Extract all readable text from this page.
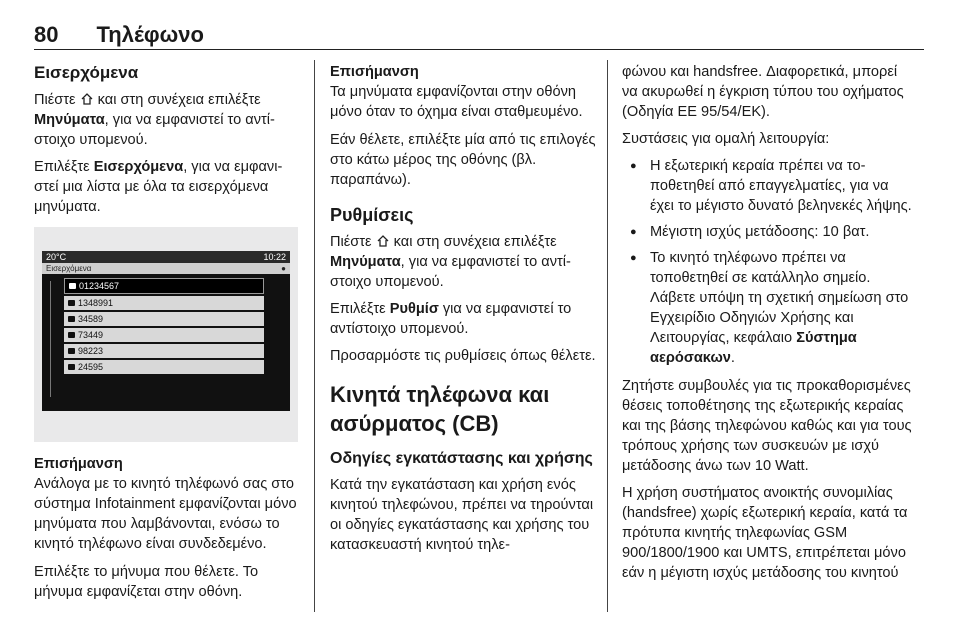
80 Τηλέφωνο
Εισερχόμενα

Πιέστε  και στη συνέχεια επιλέξτε Μηνύματα, για να εμφανιστεί το αντίστοιχο υπομενού.

Επιλέξτε Εισερχόμενα, για να εμφανιστεί μια λίστα με όλα τα εισερχόμενα μηνύματα.

20°C	10:22
Εισερχόμενα	●
01234567
1348991
34589
73449
98223
24595
Επισήμανση
Ανάλογα με το κινητό τηλέφωνό σας στο σύστημα Infotainment εμφανίζονται μόνο μηνύματα που λαμβάνονται, ενόσω το κινητό τηλέφωνο είναι συνδεδεμένο.

Επιλέξτε το μήνυμα που θέλετε. Το μήνυμα εμφανίζεται στην οθόνη.

Επισήμανση
Τα μηνύματα εμφανίζονται στην οθόνη μόνο όταν το όχημα είναι σταθμευμένο.

Εάν θέλετε, επιλέξτε μία από τις επιλογές στο κάτω μέρος της οθόνης (βλ. παραπάνω).

Ρυθμίσεις

Πιέστε  και στη συνέχεια επιλέξτε Μηνύματα, για να εμφανιστεί το αντίστοιχο υπομενού.

Επιλέξτε Ρυθμίσ για να εμφανιστεί το αντίστοιχο υπομενού.

Προσαρμόστε τις ρυθμίσεις όπως θέλετε.

Κινητά τηλέφωνα και ασύρματος (CB)
Οδηγίες εγκατάστασης και χρήσης

Κατά την εγκατάσταση και χρήση ενός κινητού τηλεφώνου, πρέπει να τηρούνται οι οδηγίες εγκατάστασης και χρήσης του κατασκευαστή κινητού τηλε-

φώνου και handsfree. Διαφορετικά, μπορεί να ακυρωθεί η έγκριση τύπου του οχήματος (Οδηγία ΕΕ 95/54/ΕΚ).

Συστάσεις για ομαλή λειτουργία:

● Η εξωτερική κεραία πρέπει να τοποθετηθεί από επαγγελματίες, για να έχει το μέγιστο δυνατό βεληνεκές λήψης.
● Μέγιστη ισχύς μετάδοσης: 10 βατ.
● Το κινητό τηλέφωνο πρέπει να τοποθετηθεί σε κατάλληλο σημείο. Λάβετε υπόψη τη σχετική σημείωση στο Εγχειρίδιο Οδηγιών Χρήσης και Λειτουργίας, κεφάλαιο Σύστημα αερόσακων.

Ζητήστε συμβουλές για τις προκαθορισμένες θέσεις τοποθέτησης της εξωτερικής κεραίας και της βάσης τηλεφώνου καθώς και για τους τρόπους χρήσης των συσκευών με ισχύ μετάδοσης άνω των 10 Watt.

Η χρήση συστήματος ανοικτής συνομιλίας (handsfree) χωρίς εξωτερική κεραία, κατά τα πρότυπα κινητής τηλεφωνίας GSM 900/1800/1900 και UMTS, επιτρέπεται μόνο εάν η μέγιστη ισχύς μετάδοσης του κινητού
